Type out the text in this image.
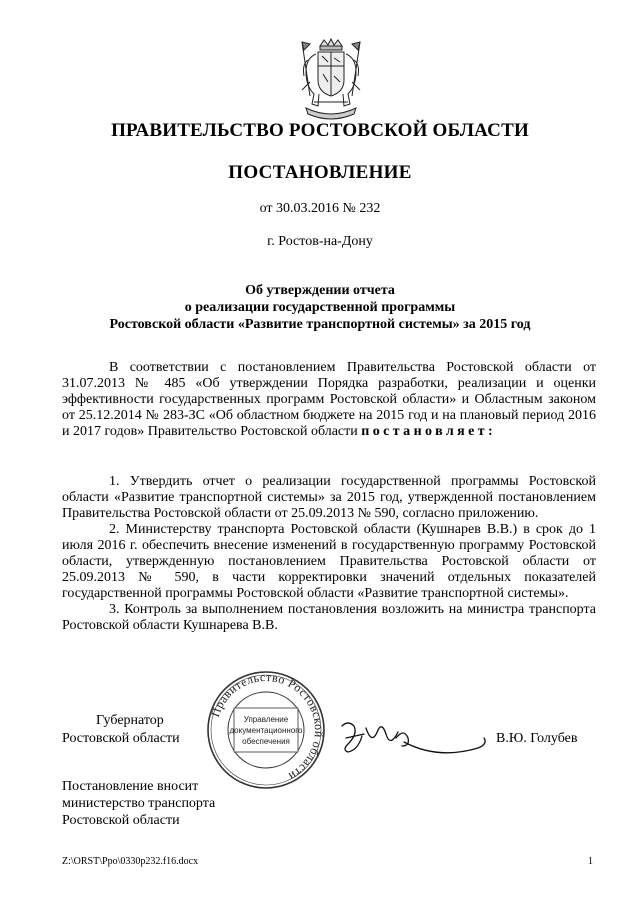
ПРАВИТЕЛЬСТВО РОСТОВСКОЙ ОБЛАСТИ
ПОСТАНОВЛЕНИЕ
от 30.03.2016 № 232
г. Ростов-на-Дону
Об утверждении отчета
о реализации государственной программы
Ростовской области «Развитие транспортной системы» за 2015 год
В соответствии с постановлением Правительства Ростовской области от 31.07.2013 № 485 «Об утверждении Порядка разработки, реализации и оценки эффективности государственных программ Ростовской области» и Областным законом от 25.12.2014 № 283-ЗС «Об областном бюджете на 2015 год и на плановый период 2016 и 2017 годов» Правительство Ростовской области постановляет:

1. Утвердить отчет о реализации государственной программы Ростовской области «Развитие транспортной системы» за 2015 год, утвержденной постановлением Правительства Ростовской области от 25.09.2013 № 590, согласно приложению.

2. Министерству транспорта Ростовской области (Кушнарев В.В.) в срок до 1 июля 2016 г. обеспечить внесение изменений в государственную программу Ростовской области, утвержденную постановлением Правительства Ростовской области от 25.09.2013 № 590, в части корректировки значений отдельных показателей государственной программы Ростовской области «Развитие транспортной системы».

3. Контроль за выполнением постановления возложить на министра транспорта Ростовской области Кушнарева В.В.

Губернатор
Ростовской области
Правительство Ростовской области
Управление
документационного
обеспечения	В.Ю. Голубев
Постановление вносит
министерство транспорта
Ростовской области
Z:\ORST\Ppo\0330p232.f16.docx	1
